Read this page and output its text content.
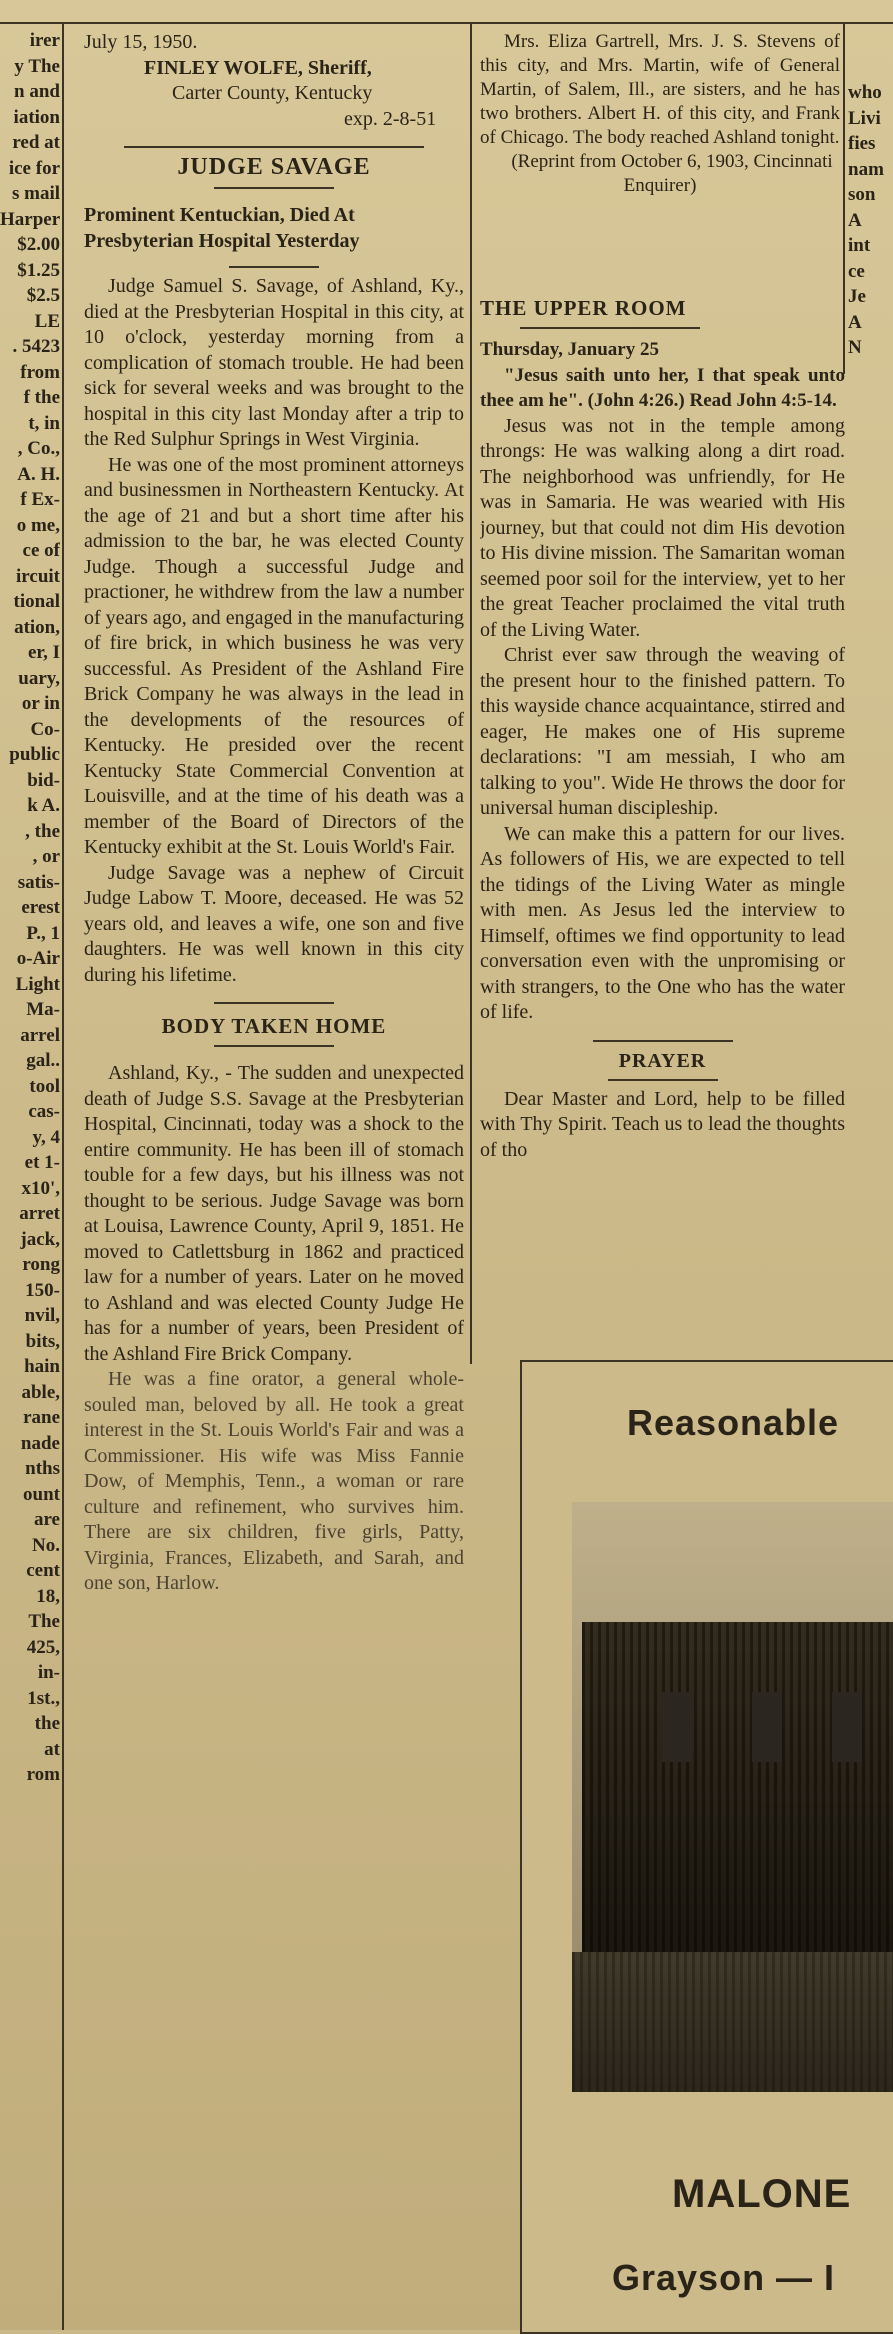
irer

y The

n and

iation

red at

ice for

s mail

Harper

$2.00

$1.25

$2.5

LE

. 5423

from

f the

t, in

, Co.,

A. H.

f Ex-

o me,

ce of

ircuit

tional

ation,

er, I

uary,

or in

Co-

public

bid-

k A.

, the

, or

satis-

erest

P., 1

o-Air

Light

Ma-

arrel

gal..

tool

cas-

y, 4

et 1-

x10',

arret

jack,

rong

150-

nvil,

bits,

hain

able,

rane

nade

nths

ount

are

No.

cent

18,

The

425,

in-

1st.,

the

at

rom

July 15, 1950.

FINLEY WOLFE, Sheriff,

Carter County, Kentucky

exp. 2-8-51

JUDGE SAVAGE

Prominent Kentuckian, Died At Presbyterian Hospital Yesterday

Judge Samuel S. Savage, of Ashland, Ky., died at the Presbyterian Hospital in this city, at 10 o'clock, yesterday morning from a complication of stomach trouble. He had been sick for several weeks and was brought to the hospital in this city last Monday after a trip to the Red Sulphur Springs in West Virginia.

He was one of the most prominent attorneys and businessmen in Northeastern Kentucky. At the age of 21 and but a short time after his admission to the bar, he was elected County Judge. Though a successful Judge and practioner, he withdrew from the law a number of years ago, and engaged in the manufacturing of fire brick, in which business he was very successful. As President of the Ashland Fire Brick Company he was always in the lead in the developments of the resources of Kentucky. He presided over the recent Kentucky State Commercial Convention at Louisville, and at the time of his death was a member of the Board of Directors of the Kentucky exhibit at the St. Louis World's Fair.

Judge Savage was a nephew of Circuit Judge Labow T. Moore, deceased. He was 52 years old, and leaves a wife, one son and five daughters. He was well known in this city during his lifetime.

BODY TAKEN HOME

Ashland, Ky., - The sudden and unexpected death of Judge S.S. Savage at the Presbyterian Hospital, Cincinnati, today was a shock to the entire community. He has been ill of stomach touble for a few days, but his illness was not thought to be serious. Judge Savage was born at Louisa, Lawrence County, April 9, 1851. He moved to Catlettsburg in 1862 and practiced law for a number of years. Later on he moved to Ashland and was elected County Judge He has for a number of years, been President of the Ashland Fire Brick Company.

He was a fine orator, a general whole-souled man, beloved by all. He took a great interest in the St. Louis World's Fair and was a Commissioner. His wife was Miss Fannie Dow, of Memphis, Tenn., a woman or rare culture and refinement, who survives him. There are six children, five girls, Patty, Virginia, Frances, Elizabeth, and Sarah, and one son, Harlow.

Mrs. Eliza Gartrell, Mrs. J. S. Stevens of this city, and Mrs. Martin, wife of General Martin, of Salem, Ill., are sisters, and he has two brothers. Albert H. of this city, and Frank of Chicago. The body reached Ashland tonight.

(Reprint from October 6, 1903, Cincinnati Enquirer)

THE UPPER ROOM

Thursday, January 25

"Jesus saith unto her, I that speak unto thee am he". (John 4:26.) Read John 4:5-14.

Jesus was not in the temple among throngs: He was walking along a dirt road. The neighborhood was unfriendly, for He was in Samaria. He was wearied with His journey, but that could not dim His devotion to His divine mission. The Samaritan woman seemed poor soil for the interview, yet to her the great Teacher proclaimed the vital truth of the Living Water.

Christ ever saw through the weaving of the present hour to the finished pattern. To this wayside chance acquaintance, stirred and eager, He makes one of His supreme declarations: "I am messiah, I who am talking to you". Wide He throws the door for universal human discipleship.

We can make this a pattern for our lives. As followers of His, we are expected to tell the tidings of the Living Water as mingle with men. As Jesus led the interview to Himself, oftimes we find opportunity to lead conversation even with the unpromising or with strangers, to the One who has the water of life.

PRAYER

Dear Master and Lord, help to be filled with Thy Spirit. Teach us to lead the thoughts of tho

who

Livi

fies

nam

son

A

int

ce

Je

A

N

Reasonable

MALONE

Grayson — I
